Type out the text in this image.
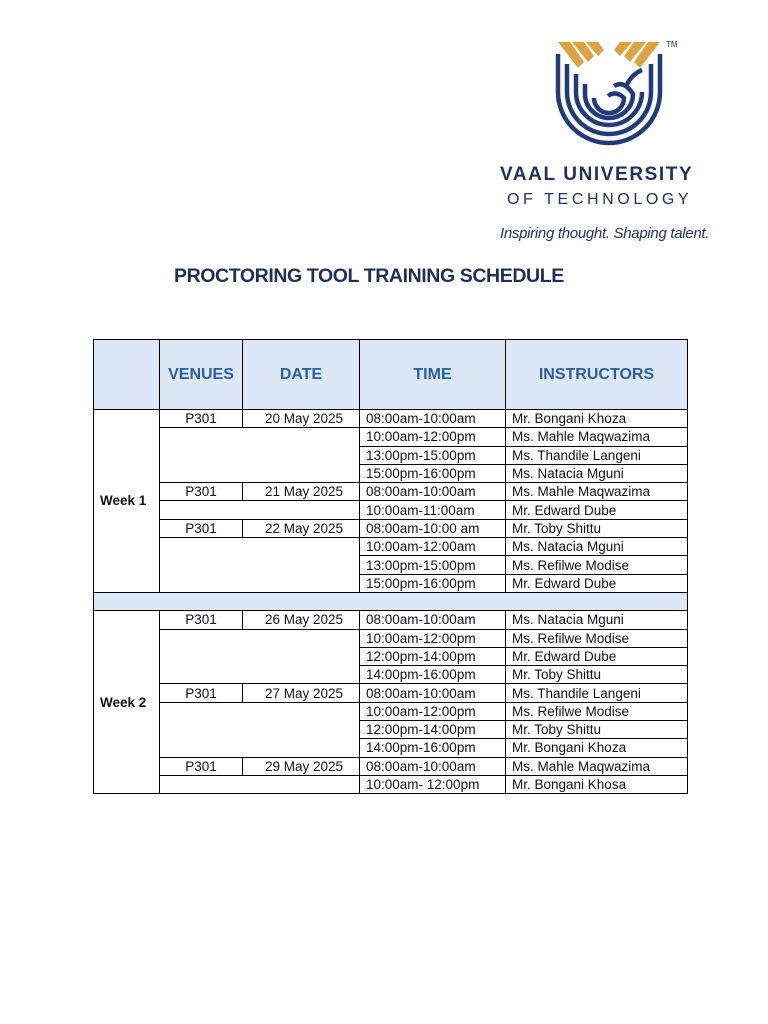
TM
VAAL UNIVERSITY
OF TECHNOLOGY
Inspiring thought. Shaping talent.
PROCTORING TOOL TRAINING SCHEDULE
	VENUES	DATE	TIME	INSTRUCTORS
Week 1	P301	20 May 2025	08:00am-10:00am	Mr. Bongani Khoza
			10:00am-12:00pm	Ms. Mahle Maqwazima
			13:00pm-15:00pm	Ms. Thandile Langeni
			15:00pm-16:00pm	Ms. Natacia Mguni
	P301	21 May 2025	08:00am-10:00am	Ms. Mahle Maqwazima
			10:00am-11:00am	Mr. Edward Dube
	P301	22 May 2025	08:00am-10:00 am	Mr. Toby Shittu
			10:00am-12:00am	Ms. Natacia Mguni
			13:00pm-15:00pm	Ms. Refilwe Modise
			15:00pm-16:00pm	Mr. Edward Dube

Week 2	P301	26 May 2025	08:00am-10:00am	Ms. Natacia Mguni
			10:00am-12:00pm	Ms. Refilwe Modise
			12:00pm-14:00pm	Mr. Edward Dube
			14:00pm-16:00pm	Mr. Toby Shittu
	P301	27 May 2025	08:00am-10:00am	Ms. Thandile Langeni
			10:00am-12:00pm	Ms. Refilwe Modise
			12:00pm-14:00pm	Mr. Toby Shittu
			14:00pm-16:00pm	Mr. Bongani Khoza
	P301	29 May 2025	08:00am-10:00am	Ms. Mahle Maqwazima
			10:00am- 12:00pm	Mr. Bongani Khosa
